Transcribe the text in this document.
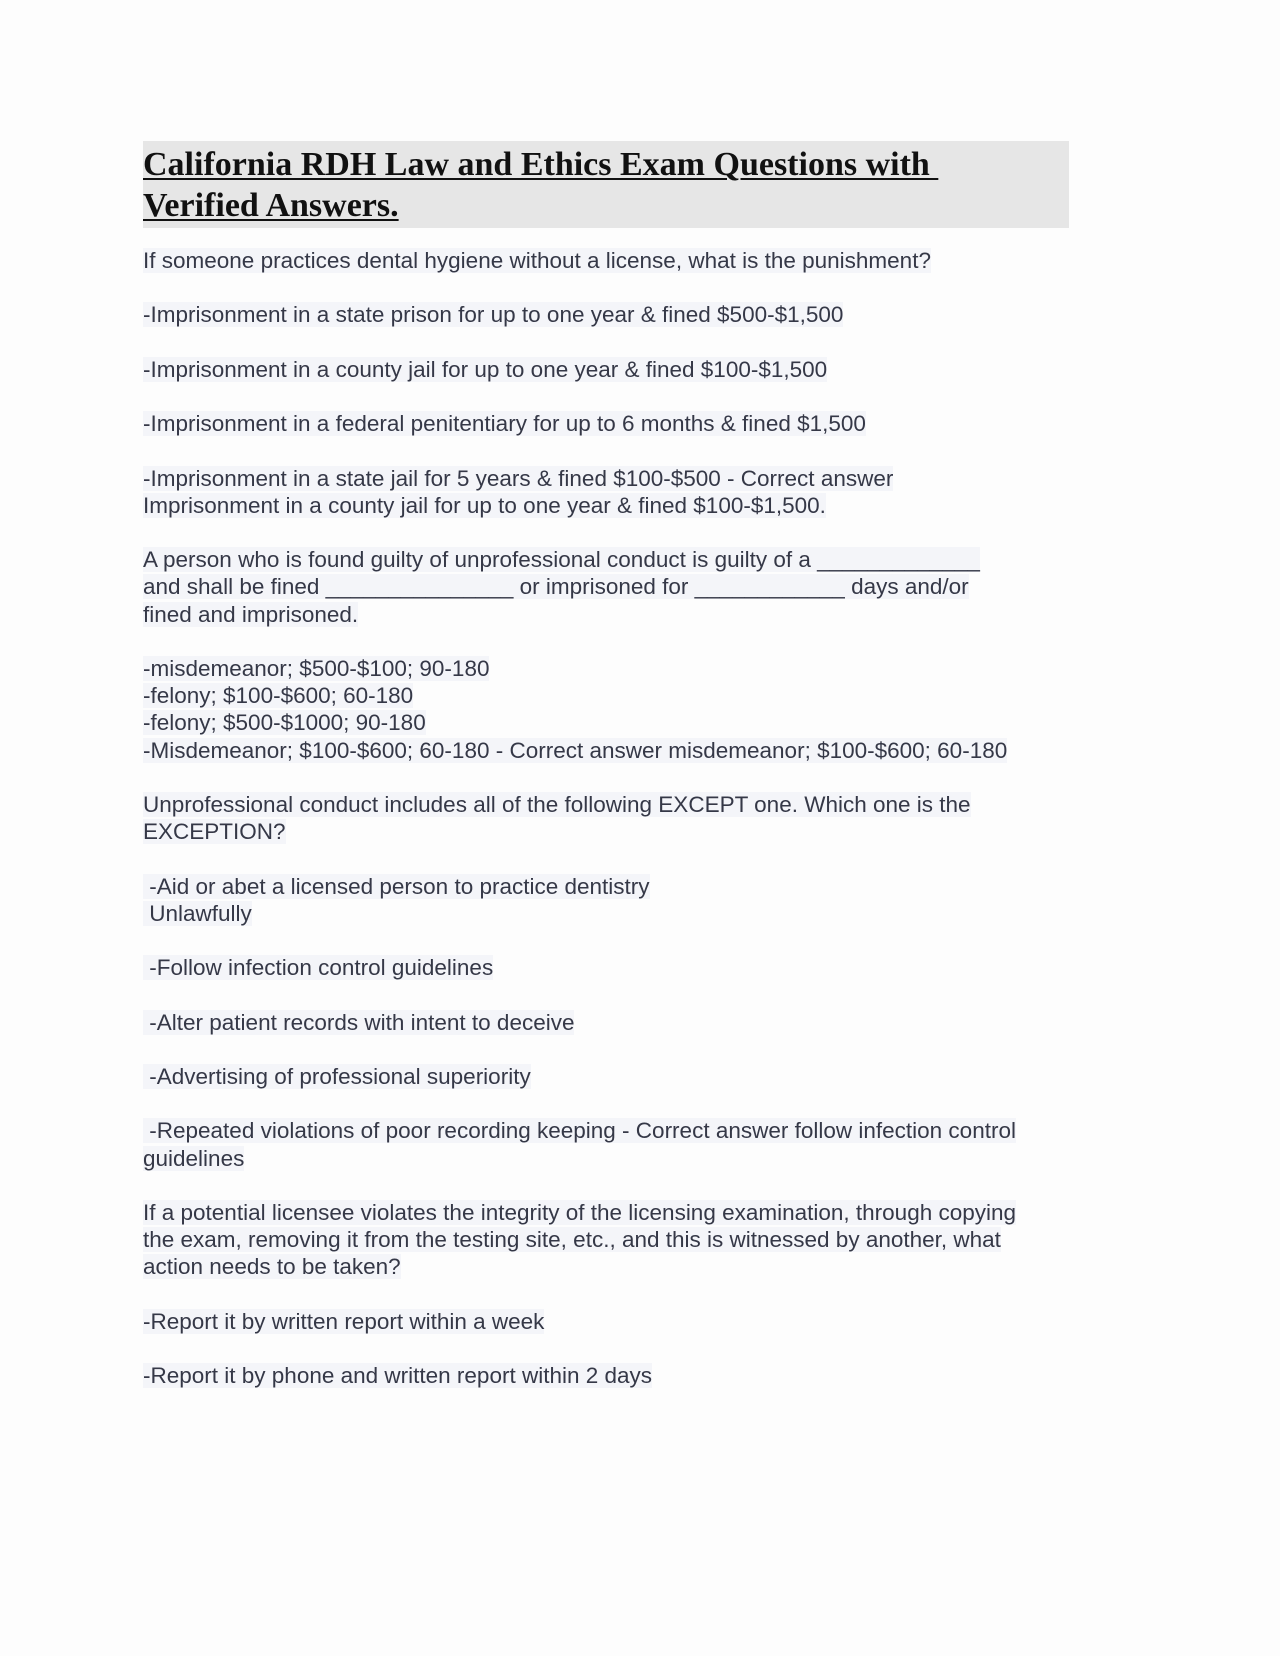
California RDH Law and Ethics Exam Questions with
Verified Answers.
If someone practices dental hygiene without a license, what is the punishment?
-Imprisonment in a state prison for up to one year & fined $500-$1,500
-Imprisonment in a county jail for up to one year & fined $100-$1,500
-Imprisonment in a federal penitentiary for up to 6 months & fined $1,500
-Imprisonment in a state jail for 5 years & fined $100-$500 - Correct answer
Imprisonment in a county jail for up to one year & fined $100-$1,500.
A person who is found guilty of unprofessional conduct is guilty of a _____________
and shall be fined _______________ or imprisoned for ____________ days and/or
fined and imprisoned.
-misdemeanor; $500-$100; 90-180
-felony; $100-$600; 60-180
-felony; $500-$1000; 90-180
-Misdemeanor; $100-$600; 60-180 - Correct answer misdemeanor; $100-$600; 60-180
Unprofessional conduct includes all of the following EXCEPT one. Which one is the
EXCEPTION?
-Aid or abet a licensed person to practice dentistry
Unlawfully
-Follow infection control guidelines
-Alter patient records with intent to deceive
-Advertising of professional superiority
-Repeated violations of poor recording keeping - Correct answer follow infection control
guidelines
If a potential licensee violates the integrity of the licensing examination, through copying
the exam, removing it from the testing site, etc., and this is witnessed by another, what
action needs to be taken?
-Report it by written report within a week
-Report it by phone and written report within 2 days
